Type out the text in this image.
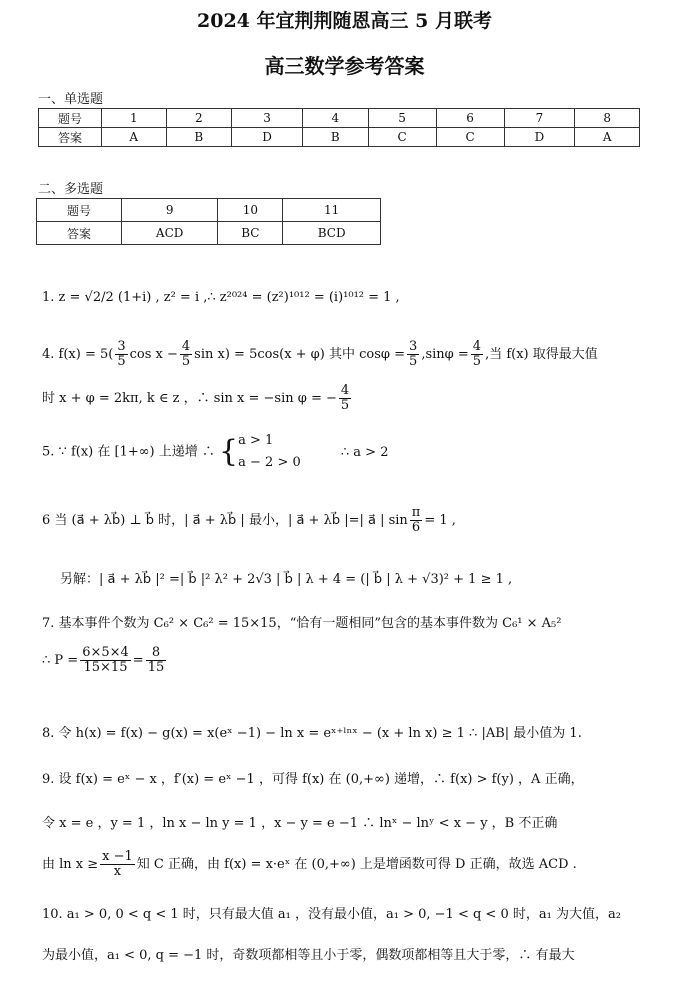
2024 年宜荆荆随恩高三 5 月联考
高三数学参考答案
一、单选题
题号	1	2	3	4	5	6	7	8
答案	A	B	D	B	C	C	D	A
二、多选题
题号	9	10	11
答案	ACD	BC	BCD
1. z = √2/2 (1+i) , z² = i ,∴ z²⁰²⁴ = (z²)¹⁰¹² = (i)¹⁰¹² = 1 ,
4. $f(x) = 5( \frac{3}{5}$ $\cos x - \frac{4}{5}$ sin x) = 5cos(x + φ) 其中 $\cos\varphi = \frac{3}{5} ,\sin\varphi = \frac{4}{5}$ ,当 f(x) 取得最大值
时 x + φ = 2kπ, k ∈ z ，∴ sin x = −sin φ = − $\frac{4}{5}$
5. ∵ f(x) 在 [1+∞) 上递增 ∴ { a > 1
a − 2 > 0
∴ a > 2
6 当 (a⃗ + λb⃗) ⊥ b⃗ 时，| a⃗ + λb⃗ | 最小，| a⃗ + λb⃗ |=| a⃗ | $\sin \frac{\pi}{6} = 1$ ,
另解：| a⃗ + λb⃗ |² =| b⃗ |² λ² + 2√3 | b⃗ | λ + 4 = (| b⃗ | λ + √3)² + 1 ≥ 1 ,
7. 基本事件个数为 C₆² × C₆² = 15×15，“恰有一题相同”包含的基本事件数为 C₆¹ × A₅²
∴ $P = \frac{6\times 5\times 4}{15\times 15} = \frac{8}{15}$
8. 令 h(x) = f(x) − g(x) = x(eˣ −1) − ln x = eˣ⁺ˡⁿˣ − (x + ln x) ≥ 1 ∴ |AB| 最小值为 1.
9. 设 f(x) = eˣ − x ，f′(x) = eˣ −1 ，可得 f(x) 在 (0,+∞) 递增，∴ f(x) > f(y) ，A 正确，
令 x = e ，y = 1 ，ln x − ln y = 1 ，x − y = e −1 ∴ lnˣ − lnʸ < x − y ，B 不正确
由 $\ln x \ge \frac{x -1}{x}$ 知 C 正确，由 f(x) = x·eˣ 在 (0,+∞) 上是增函数可得 D 正确，故选 ACD .
10. a₁ > 0, 0 < q < 1 时，只有最大值 a₁ ，没有最小值，a₁ > 0, −1 < q < 0 时，a₁ 为大值，a₂
为最小值，a₁ < 0, q = −1 时，奇数项都相等且小于零，偶数项都相等且大于零，∴ 有最大
